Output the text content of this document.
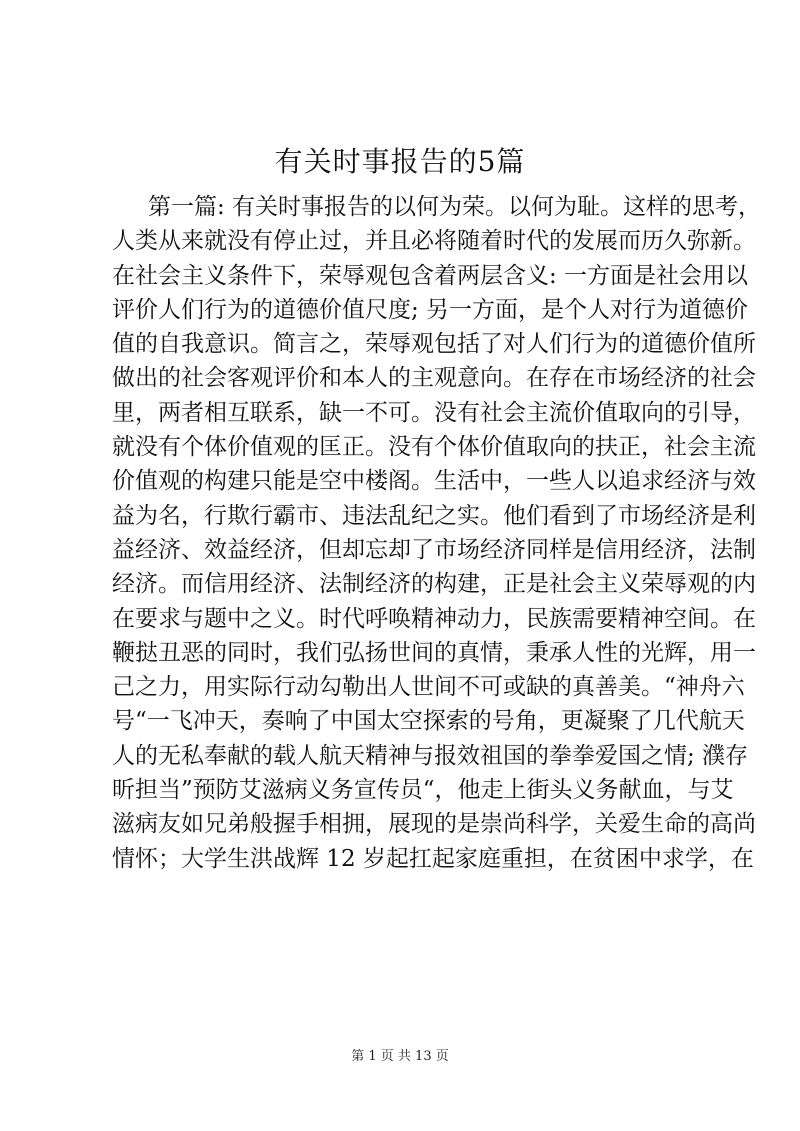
有关时事报告的5篇
第一篇: 有关时事报告的以何为荣。以何为耻。这样的思考，
人类从来就没有停止过，并且必将随着时代的发展而历久弥新。
在社会主义条件下，荣辱观包含着两层含义: 一方面是社会用以
评价人们行为的道德价值尺度; 另一方面，是个人对行为道德价
值的自我意识。简言之，荣辱观包括了对人们行为的道德价值所
做出的社会客观评价和本人的主观意向。在存在市场经济的社会
里，两者相互联系，缺一不可。没有社会主流价值取向的引导，
就没有个体价值观的匡正。没有个体价值取向的扶正，社会主流
价值观的构建只能是空中楼阁。生活中，一些人以追求经济与效
益为名，行欺行霸市、违法乱纪之实。他们看到了市场经济是利
益经济、效益经济，但却忘却了市场经济同样是信用经济，法制
经济。而信用经济、法制经济的构建，正是社会主义荣辱观的内
在要求与题中之义。时代呼唤精神动力，民族需要精神空间。在
鞭挞丑恶的同时，我们弘扬世间的真情，秉承人性的光辉，用一
己之力，用实际行动勾勒出人世间不可或缺的真善美。“神舟六
号“一飞冲天，奏响了中国太空探索的号角，更凝聚了几代航天
人的无私奉献的载人航天精神与报效祖国的拳拳爱国之情; 濮存
昕担当”预防艾滋病义务宣传员“，他走上街头义务献血，与艾
滋病友如兄弟般握手相拥，展现的是崇尚科学，关爱生命的高尚
情怀；大学生洪战辉 12 岁起扛起家庭重担，在贫困中求学，在
第 1 页 共 13 页
